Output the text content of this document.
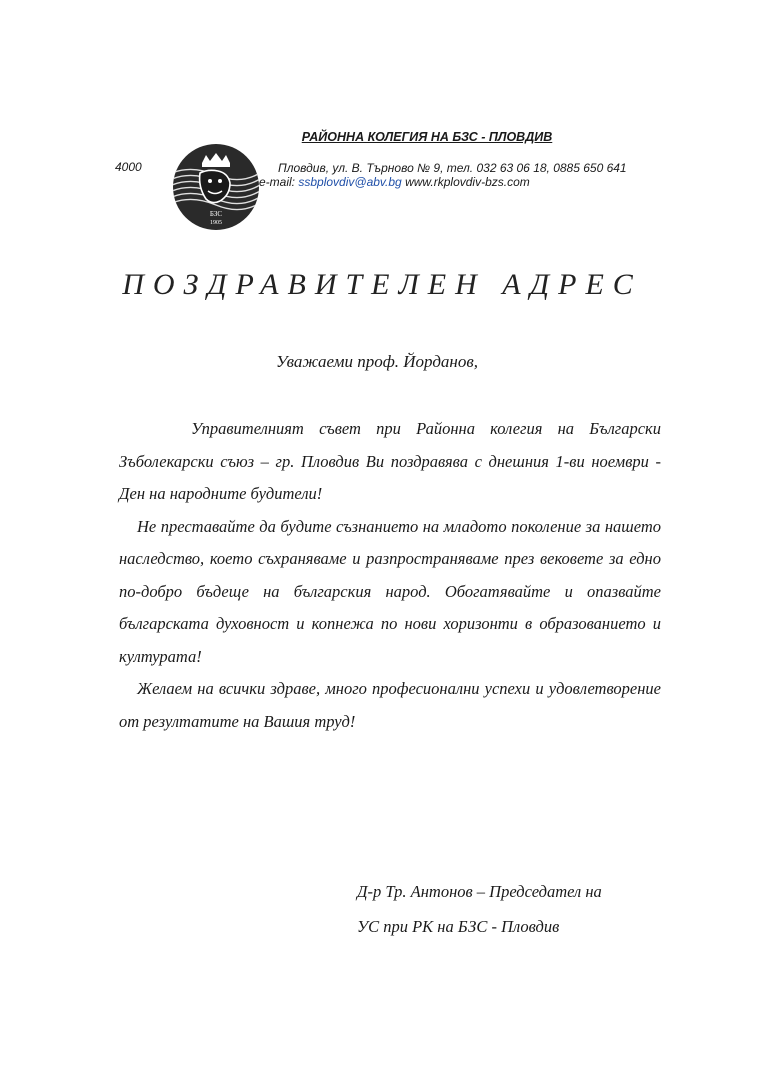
РАЙОННА КОЛЕГИЯ НА БЗС - ПЛОВДИВ
4000
БЗС
1905
Пловдив, ул. В. Търново № 9, тел. 032 63 06 18, 0885 650 641
e-mail: ssbplovdiv@abv.bg www.rkplovdiv-bzs.com
ПОЗДРАВИТЕЛЕН АДРЕС
Уважаеми проф. Йорданов,

Управителният съвет при Районна колегия на Български Зъболекарски съюз – гр. Пловдив Ви поздравява с днешния 1-ви ноември - Ден на народните будители!

Не преставайте да будите съзнанието на младото поколение за нашето наследство, което съхраняваме и разпространяваме през вековете за едно по-добро бъдеще на българския народ. Обогатявайте и опазвайте българската духовност и копнежа по нови хоризонти в образованието и културата!

Желаем на всички здраве, много професионални успехи и удовлетворение от резултатите на Вашия труд!

Д-р Тр. Антонов – Председател на
УС при РК на БЗС - Пловдив
